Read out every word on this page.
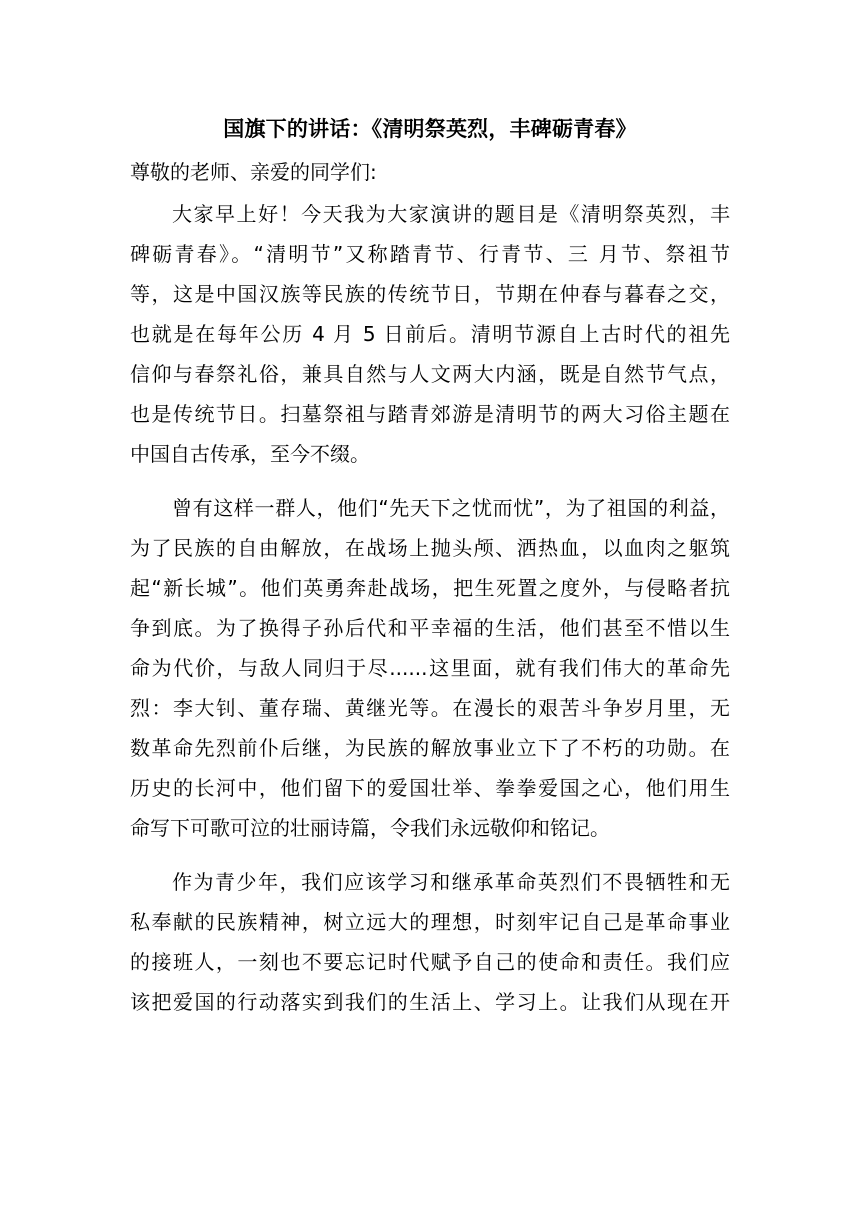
国旗下的讲话：《清明祭英烈，丰碑砺青春》

尊敬的老师、亲爱的同学们:

大家早上好！今天我为大家演讲的题目是《清明祭英烈，丰
碑砺青春》。“清明节”又称踏青节、行青节、三 月节、祭祖节
等，这是中国汉族等民族的传统节日，节期在仲春与暮春之交，
也就是在每年公历 4 月 5 日前后。清明节源自上古时代的祖先
信仰与春祭礼俗，兼具自然与人文两大内涵，既是自然节气点，
也是传统节日。扫墓祭祖与踏青郊游是清明节的两大习俗主题在
中国自古传承，至今不缀。
曾有这样一群人，他们“先天下之忧而忧”，为了祖国的利益，
为了民族的自由解放，在战场上抛头颅、洒热血，以血肉之躯筑
起“新长城”。他们英勇奔赴战场，把生死置之度外，与侵略者抗
争到底。为了换得子孙后代和平幸福的生活，他们甚至不惜以生
命为代价，与敌人同归于尽......这里面，就有我们伟大的革命先
烈：李大钊、董存瑞、黄继光等。在漫长的艰苦斗争岁月里，无
数革命先烈前仆后继，为民族的解放事业立下了不朽的功勋。在
历史的长河中，他们留下的爱国壮举、拳拳爱国之心，他们用生
命写下可歌可泣的壮丽诗篇，令我们永远敬仰和铭记。
作为青少年，我们应该学习和继承革命英烈们不畏牺牲和无
私奉献的民族精神，树立远大的理想，时刻牢记自己是革命事业
的接班人，一刻也不要忘记时代赋予自己的使命和责任。我们应
该把爱国的行动落实到我们的生活上、学习上。让我们从现在开
